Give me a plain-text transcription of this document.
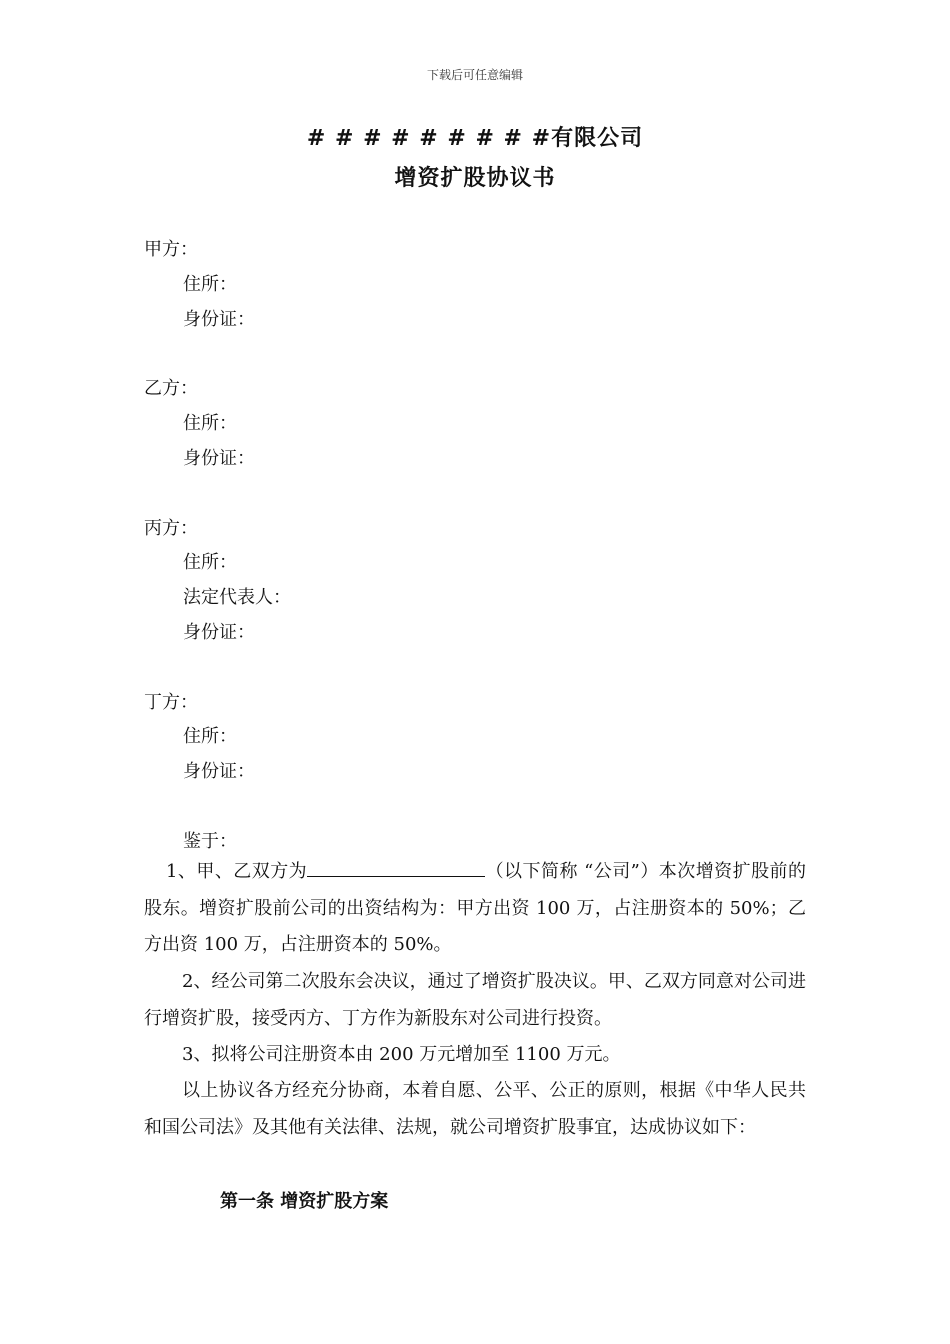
下载后可任意编辑
# # # # # # # # #有限公司
增资扩股协议书
甲方：
住所：
身份证：
乙方：
住所：
身份证：
丙方：
住所：
法定代表人：
身份证：
丁方：
住所：
身份证：
鉴于：
1、甲、乙双方为	（以下简称 “公司”）本次增资扩股前的股东。增资扩股前公司的出资结构为：甲方出资 100 万，占注册资本的 50%；乙方出资 100 万，占注册资本的 50%。
2、经公司第二次股东会决议，通过了增资扩股决议。甲、乙双方同意对公司进行增资扩股，接受丙方、丁方作为新股东对公司进行投资。
3、拟将公司注册资本由 200 万元增加至 1100 万元。
以上协议各方经充分协商，本着自愿、公平、公正的原则，根据《中华人民共和国公司法》及其他有关法律、法规，就公司增资扩股事宜，达成协议如下：
第一条 增资扩股方案
